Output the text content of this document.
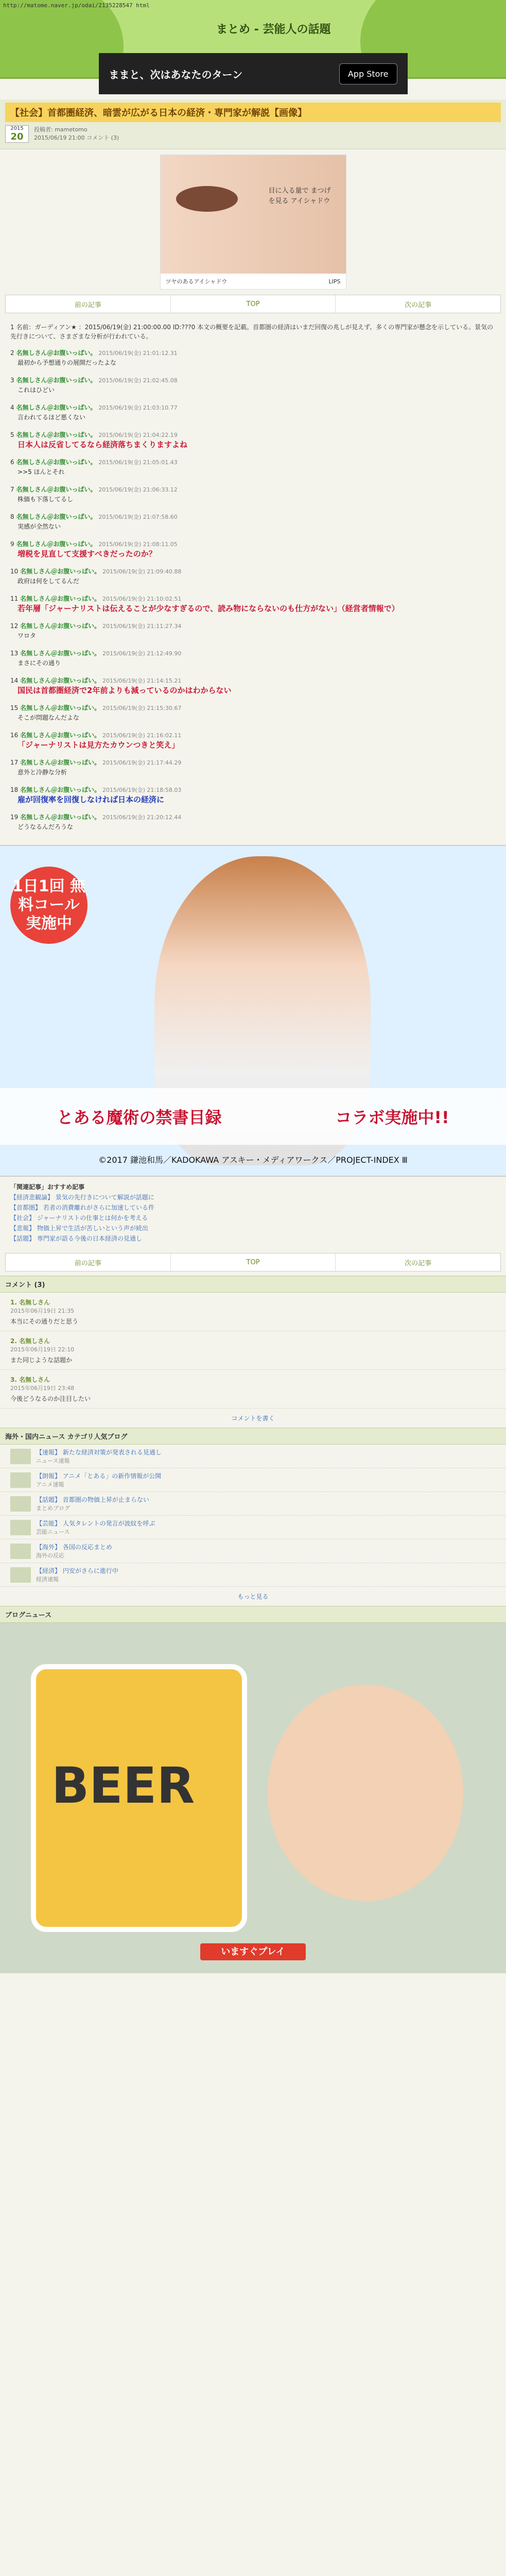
http://matome.naver.jp/odai/2135228547 html
まとめ - 芸能人の話題
ままと、次はあなたのターン	App Store
【社会】首都圏経済、暗雲が広がる日本の経済・専門家が解説【画像】
2015
20
投稿者: mametomo
2015/06/19 21:00 コメント (3)
目に入る量で まつげを見る アイシャドウ
ツヤのあるアイシャドウ	LIPS
前の記事	TOP	次の記事
1 名前：ガーディアン★ ：2015/06/19(金) 21:00:00.00 ID:???0 本文の概要を記載。首都圏の経済はいまだ回復の兆しが見えず、多くの専門家が懸念を示している。景気の先行きについて、さまざまな分析が行われている。
2 名無しさん＠お腹いっぱい。 2015/06/19(金) 21:01:12.31
最初から予想通りの展開だったよな
3 名無しさん＠お腹いっぱい。 2015/06/19(金) 21:02:45.08
これはひどい
4 名無しさん＠お腹いっぱい。 2015/06/19(金) 21:03:10.77
言われてるほど悪くない
5 名無しさん＠お腹いっぱい。 2015/06/19(金) 21:04:22.19
日本人は反省してるなら経済落ちまくりますよね
6 名無しさん＠お腹いっぱい。 2015/06/19(金) 21:05:01.43
>>5 ほんとそれ
7 名無しさん＠お腹いっぱい。 2015/06/19(金) 21:06:33.12
株価も下落してるし
8 名無しさん＠お腹いっぱい。 2015/06/19(金) 21:07:58.60
実感が全然ない
9 名無しさん＠お腹いっぱい。 2015/06/19(金) 21:08:11.05
増税を見直して支援すべきだったのか？
10 名無しさん＠お腹いっぱい。 2015/06/19(金) 21:09:40.88
政府は何をしてるんだ
11 名無しさん＠お腹いっぱい。 2015/06/19(金) 21:10:02.51
若年層「ジャーナリストは伝えることが少なすぎるので、読み物にならないのも仕方がない」（経営者情報で）
12 名無しさん＠お腹いっぱい。 2015/06/19(金) 21:11:27.34
ワロタ
13 名無しさん＠お腹いっぱい。 2015/06/19(金) 21:12:49.90
まさにその通り
14 名無しさん＠お腹いっぱい。 2015/06/19(金) 21:14:15.21
国民は首都圏経済で2年前よりも減っているのかはわからない
15 名無しさん＠お腹いっぱい。 2015/06/19(金) 21:15:30.67
そこが問題なんだよな
16 名無しさん＠お腹いっぱい。 2015/06/19(金) 21:16:02.11
「ジャーナリストは見方たカウンつきと笑え」
17 名無しさん＠お腹いっぱい。 2015/06/19(金) 21:17:44.29
意外と冷静な分析
18 名無しさん＠お腹いっぱい。 2015/06/19(金) 21:18:58.03
雇が回復率を回復しなければ日本の経済に
19 名無しさん＠お腹いっぱい。 2015/06/19(金) 21:20:12.44
どうなるんだろうな
1日1回 無料コール 実施中
とある魔術の禁書目録	コラボ実施中!!
©2017 鎌池和馬／KADOKAWA アスキー・メディアワークス／PROJECT-INDEX Ⅲ
「関連記事」おすすめ記事
【経済悲観論】 景気の先行きについて解説が話題に
【首都圏】 若者の消費離れがさらに加速している件
【社会】 ジャーナリストの仕事とは何かを考える
【悲報】 物価上昇で生活が苦しいという声が続出
【話題】 専門家が語る今後の日本経済の見通し
前の記事	TOP	次の記事
コメント (3)
1. 名無しさん
2015年06月19日 21:35
本当にその通りだと思う
2. 名無しさん
2015年06月19日 22:10
また同じような話題か
3. 名無しさん
2015年06月19日 23:48
今後どうなるのか注目したい
コメントを書く
海外・国内ニュース カテゴリ人気ブログ
【速報】 新たな経済対策が発表される見通し
ニュース速報
【朗報】 アニメ「とある」の新作情報が公開
アニメ速報
【話題】 首都圏の物価上昇が止まらない
まとめブログ
【芸能】 人気タレントの発言が波紋を呼ぶ
芸能ニュース
【海外】 各国の反応まとめ
海外の反応
【経済】 円安がさらに進行中
経済速報
もっと見る
ブログニュース
BEER
いますぐプレイ
